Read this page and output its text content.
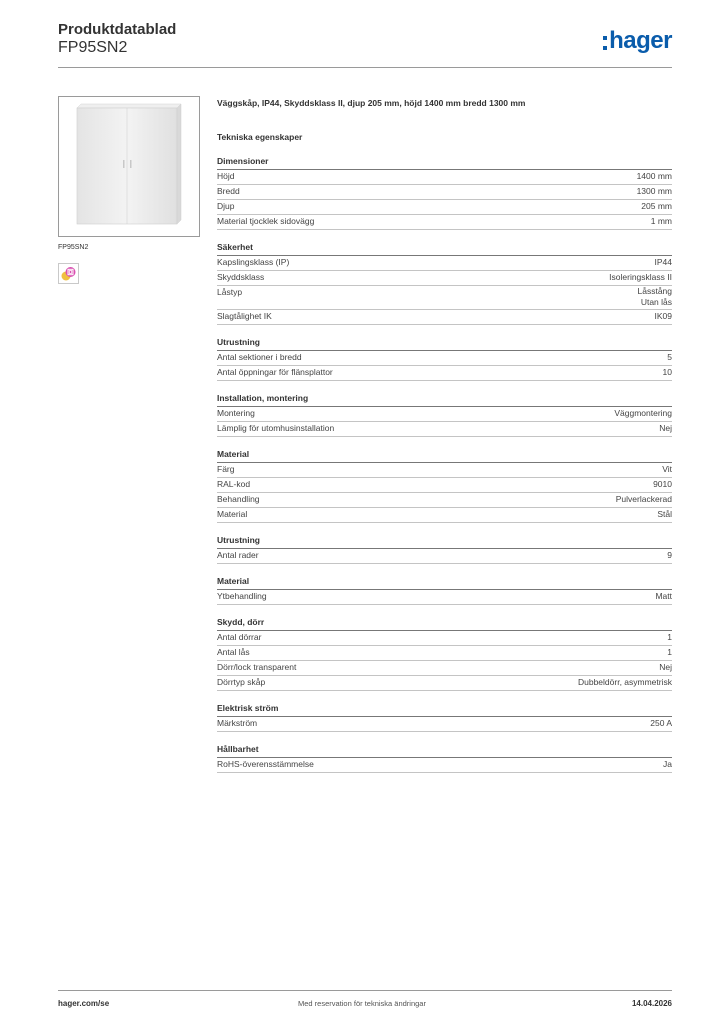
Produktdatablad
FP95SN2	hager
FP95SN2
Väggskåp, IP44, Skyddsklass II, djup 205 mm, höjd 1400 mm bredd 1300 mm
Tekniska egenskaper
Dimensioner
Höjd	1400 mm
Bredd	1300 mm
Djup	205 mm
Material tjocklek sidovägg	1 mm
Säkerhet
Kapslingsklass (IP)	IP44
Skyddsklass	Isoleringsklass II
Låstyp	Låsstång
Utan lås
Slagtålighet IK	IK09
Utrustning
Antal sektioner i bredd	5
Antal öppningar för flänsplattor	10
Installation, montering
Montering	Väggmontering
Lämplig för utomhusinstallation	Nej
Material
Färg	Vit
RAL-kod	9010
Behandling	Pulverlackerad
Material	Stål
Utrustning
Antal rader	9
Material
Ytbehandling	Matt
Skydd, dörr
Antal dörrar	1
Antal lås	1
Dörr/lock transparent	Nej
Dörrtyp skåp	Dubbeldörr, asymmetrisk
Elektrisk ström
Märkström	250 A
Hållbarhet
RoHS-överensstämmelse	Ja
hager.com/se	Med reservation för tekniska ändringar	14.04.2026
